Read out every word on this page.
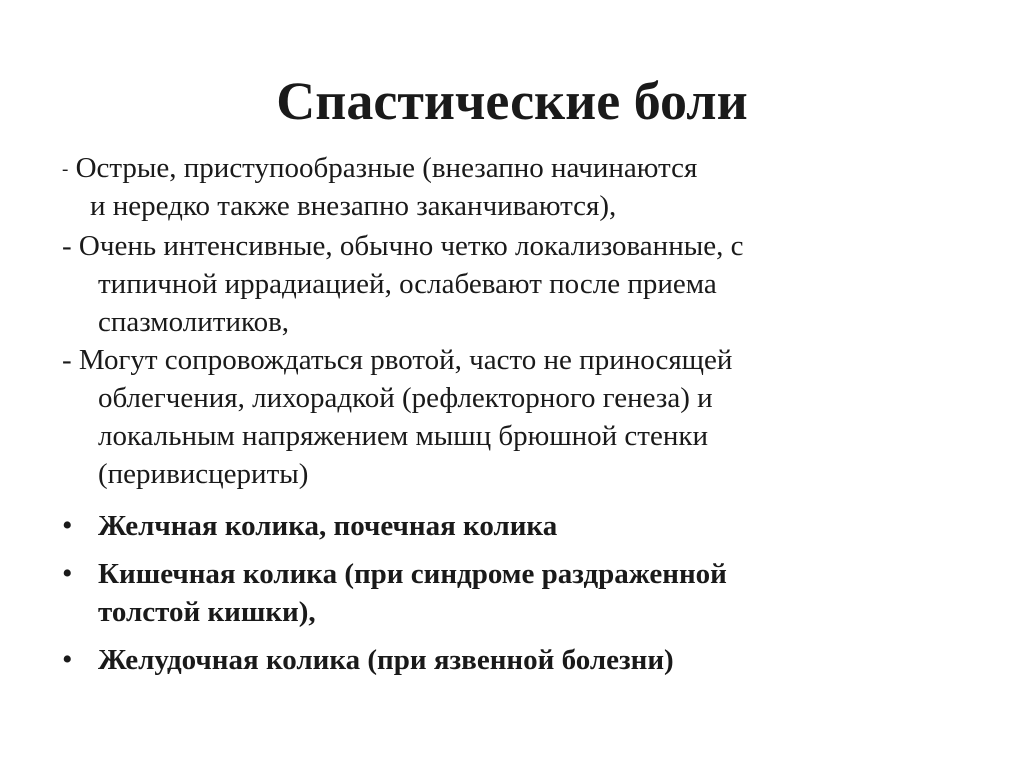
Спастические боли
- Острые, приступообразные (внезапно начинаются
и нередко также внезапно заканчиваются),
- Очень интенсивные, обычно четко локализованные, с
типичной иррадиацией, ослабевают после приема
спазмолитиков,
- Могут сопровождаться рвотой, часто не приносящей
облегчения, лихорадкой (рефлекторного генеза) и
локальным напряжением мышц брюшной стенки
(перивисцериты)
• Желчная колика, почечная колика
• Кишечная колика (при синдроме раздраженной
толстой кишки),
• Желудочная колика (при язвенной болезни)
